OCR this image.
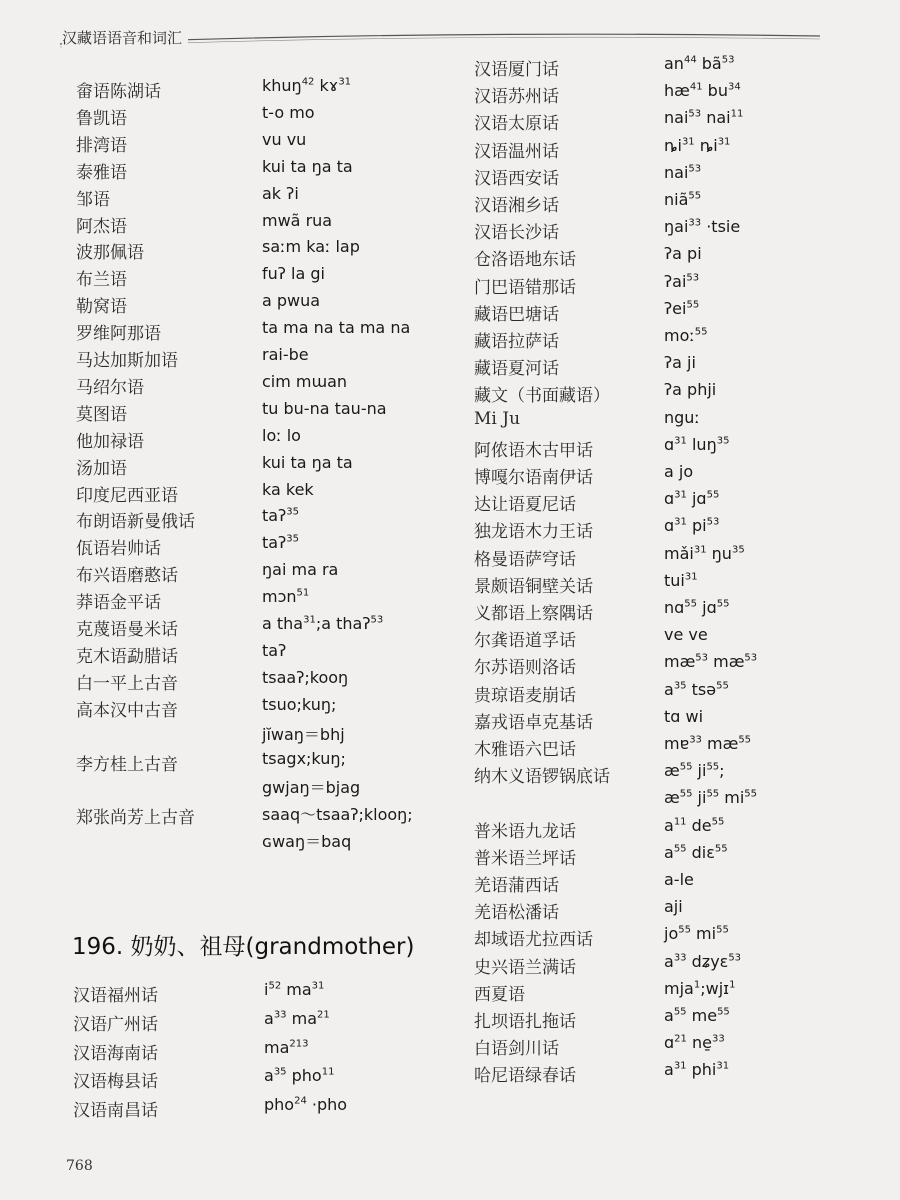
汉藏语语音和词汇
畲语陈湖话	khuŋ$^{42}$ kɤ$^{31}$
鲁凯语	t-o mo
排湾语	vu vu
泰雅语	kui ta ŋa ta
邹语	ak ʔi
阿杰语	mwã rua
波那佩语	saːm kaː lap
布兰语	fuʔ la gi
勒窝语	a pwua
罗维阿那语	ta ma na ta ma na
马达加斯加语	rai-be
马绍尔语	cim mɯan
莫图语	tu bu-na tau-na
他加禄语	loː lo
汤加语	kui ta ŋa ta
印度尼西亚语	ka kek
布朗语新曼俄话	taʔ$^{35}$
佤语岩帅话	taʔ$^{35}$
布兴语磨憨话	ŋai ma ra
莽语金平话	mɔn$^{51}$
克蔑语曼米话	a tha$^{31}$;a thaʔ$^{53}$
克木语勐腊话	taʔ
白一平上古音	tsaaʔ;kooŋ
高本汉中古音	tsuo;kuŋ;
jĭwaŋ＝bhj
李方桂上古音	tsagx;kuŋ;
gwjaŋ＝bjag
郑张尚芳上古音	saaq～tsaaʔ;klooŋ;
ɢwaŋ＝baq
汉语厦门话	$an^{44}$ $bã^{53}$
汉语苏州话	$hæ^{41}$ $bu^{34}$
汉语太原话	nai$^{53}$ nai$^{11}$
汉语温州话	$ȵi^{31}$ $ȵi^{31}$
汉语西安话	nai$^{53}$
汉语湘乡话	niã$^{55}$
汉语长沙话	ŋai$^{33}$ ·tsie
仓洛语地东话	ʔa pi
门巴语错那话	ʔai$^{53}$
藏语巴塘话	ʔei$^{55}$
藏语拉萨话	moː$^{55}$
藏语夏河话	ʔa ji
藏文（书面藏语）	ʔa phji
Mi Ju	nguː
阿侬语木古甲话	ɑ$^{31}$ luŋ$^{35}$
博嘎尔语南伊话	a jo
达让语夏尼话	ɑ$^{31}$ jɑ$^{55}$
独龙语木力王话	ɑ$^{31}$ $pi^{53}$
格曼语萨穹话	mǎi$^{31}$ $ŋu^{35}$
景颇语铜壁关话	tui$^{31}$
义都语上察隅话	nɑ$^{55}$ jɑ$^{55}$
尔龚语道孚话	ve ve
尔苏语则洛话	$mæ^{53}$ $mæ^{53}$
贵琼语麦崩话	$a^{35}$ tsə$^{55}$
嘉戎语卓克基话	tɑ wi
木雅语六巴话	mɐ$^{33}$ $mæ^{55}$
纳木义语锣锅底话	$æ^{55}$ $ji^{55}$;
$æ^{55}$ $ji^{55}$ $mi^{55}$
普米语九龙话	$a^{11}$ $de^{55}$
普米语兰坪话	$a^{55}$ diɛ$^{55}$
羌语蒲西话	a-le
羌语松潘话	aji
却域语尤拉西话	$jo^{55}$ $mi^{55}$
史兴语兰满话	$a^{33}$ dʑyɛ$^{53}$
西夏语	mja$^1$;wjɪ$^1$
扎坝语扎拖话	$a^{55}$ $me^{55}$
白语剑川话	ɑ$^{21}$ ne̱$^{33}$
哈尼语绿春话	$a^{31}$ phi$^{31}$
196. 奶奶、祖母(grandmother)
汉语福州话	$i^{52}$ $ma^{31}$
汉语广州话	$a^{33}$ $ma^{21}$
汉语海南话	$ma^{213}$
汉语梅县话	$a^{35}$ pho$^{11}$
汉语南昌话	pho$^{24}$ ·pho
768
